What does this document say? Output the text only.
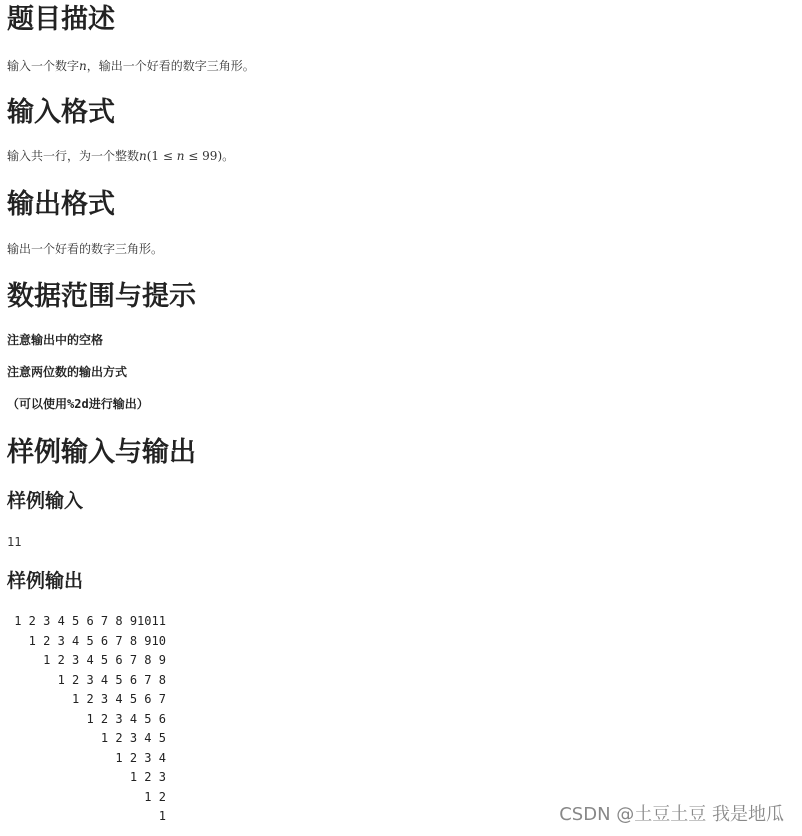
题目描述

输入一个数字n，输出一个好看的数字三角形。

输入格式

输入共一行，为一个整数n(1 ≤ n ≤ 99)。

输出格式

输出一个好看的数字三角形。

数据范围与提示

注意输出中的空格

注意两位数的输出方式

（可以使用%2d进行输出）

样例输入与输出
样例输入

11

样例输出
1 2 3 4 5 6 7 8 91011
1 2 3 4 5 6 7 8 910
1 2 3 4 5 6 7 8 9
1 2 3 4 5 6 7 8
1 2 3 4 5 6 7
1 2 3 4 5 6
1 2 3 4 5
1 2 3 4
1 2 3
1 2
1	CSDN @土豆土豆 我是地瓜
